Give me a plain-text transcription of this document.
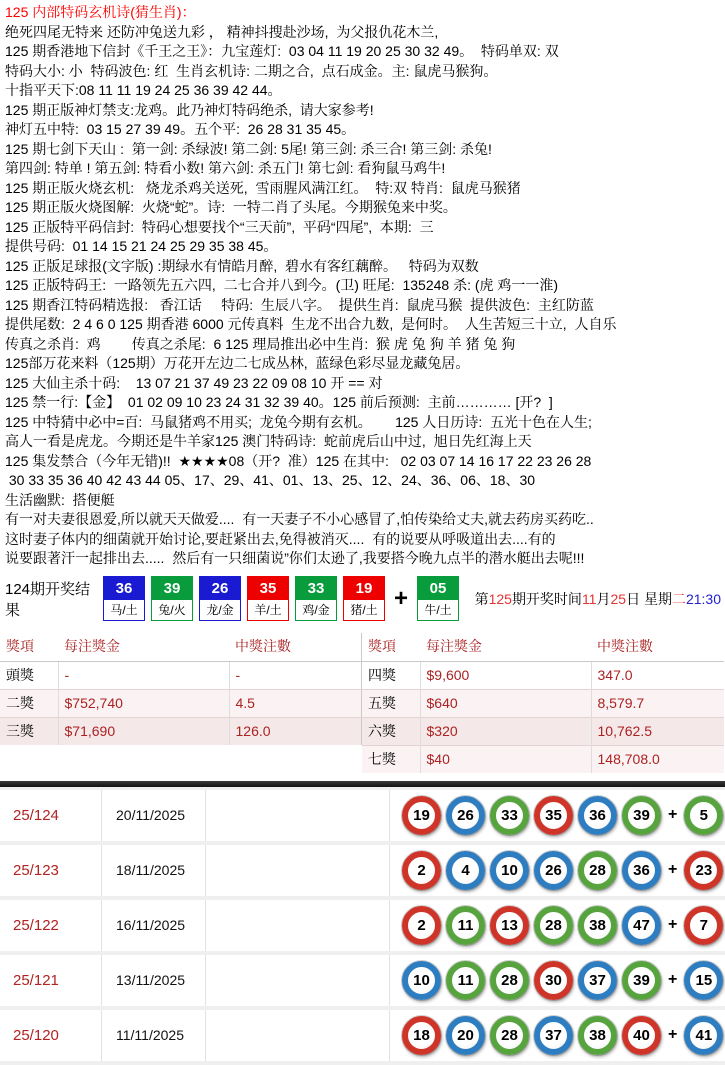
125 内部特码玄机诗(猜生肖)：
绝死四尾无特来 还防冲兔送九彩 ， 精神抖搜赴沙场,  为父报仇花木兰,
125 期香港地下信封《千王之王》：九宝莲灯:  03 04 11 19 20 25 30 32 49。  特码单双: 双
特码大小: 小  特码波色: 红  生肖玄机诗: 二期之合,  点石成金。主: 鼠虎马猴狗。
十指平天下:08 11 11 19 24 25 36 39 42 44。
125 期正版神灯禁支:龙鸡。此乃神灯特码绝杀,  请大家参考!
神灯五中特:  03 15 27 39 49。五个平:  26 28 31 35 45。
125 期七剑下天山 :  第一剑: 杀绿波! 第二剑: 5尾! 第三剑: 杀三合! 第三剑: 杀兔!
第四剑: 特单 ! 第五剑: 特看小数! 第六剑: 杀五门! 第七剑: 看狗鼠马鸡牛!
125 期正版火烧玄机:   烧龙杀鸡关送死,  雪雨腥风满江红。  特:双 特肖:  鼠虎马猴猪
125 期正版火烧图解:  火烧“蛇”。诗:  一特二肖了头尾。今期猴兔来中奖。
125 正版特平码信封:  特码心想要找个“三天前”,  平码“四尾”,  本期:  三
提供号码:  01 14 15 21 24 25 29 35 38 45。
125 正版足球报(文字版) :期绿水有情皓月醉,  碧水有客红藕醉。   特码为双数
125 正版特码王:  一路领先五六四,  二七合并八到今。(卫) 旺尾:  135248 杀: (虎 鸡一一淮)
125 期香江特码精选报:   香江话     特码:  生辰八字。  提供生肖:  鼠虎马猴  提供波色:  主红防蓝
提供尾数:  2 4 6 0 125 期香港 6000 元传真料  生龙不出合九数,  是何时。  人生苦短三十立,  人自乐
传真之杀肖:  鸡        传真之杀尾:  6 125 理局推出必中生肖:  猴 虎 兔 狗 羊 猪 兔 狗
125部万花来料（125期）万花开左边二七成丛林,  蓝绿色彩尽显龙藏兔居。
125 大仙主杀十码:    13 07 21 37 49 23 22 09 08 10 开 == 对
125 禁一行:【金】  01 02 09 10 23 24 31 32 39 40。125 前后预测:  主前………… [开?  ]
125 中特猜中必中=百:  马鼠猪鸡不用买;  龙兔今期有玄机。      125 人日历诗:  五光十色在人生;
高人一看是虎龙。今期还是牛羊家125 澳门特码诗:  蛇前虎后山中过,  旭日先红海上天
125 集发禁合（今年无错)!!  ★★★★08（开?  准）125 在其中:   02 03 07 14 16 17 22 23 26 28
30 33 35 36 40 42 43 44 05、17、29、41、01、13、25、12、24、36、06、18、30
生活幽默:  搭便艇
有一对夫妻很恩爱,所以就天天做爱....  有一天妻子不小心感冒了,怕传染给丈夫,就去药房买药吃..
这时妻子体内的细菌就开始讨论,要赶紧出去,免得被消灭....  有的说要从呼吸道出去....有的
说要跟著汗一起排出去.....  然后有一只细菌说”你们太逊了,我要搭今晚九点半的潜水艇出去呢!!!
124期开奖结果
36
马/土
39
兔/火
26
龙/金
35
羊/土
33
鸡/金
19
猪/土 +	05
牛/土
第125期开奖时间11月25日 星期二21:30
獎項	每注獎金	中獎注數
頭獎	-	-
二獎	$752,740	4.5
三獎	$71,690	126.0
獎項	每注獎金	中獎注數
四獎	$9,600	347.0
五獎	$640	8,579.7
六獎	$320	10,762.5
七獎	$40	148,708.0
25/124	20/11/2025	19	26	33	35	36	39	+	5
25/123	18/11/2025	2	4	10	26	28	36	+	23
25/122	16/11/2025	2	11	13	28	38	47	+	7
25/121	13/11/2025	10	11	28	30	37	39	+	15
25/120	11/11/2025	18	20	28	37	38	40	+	41
